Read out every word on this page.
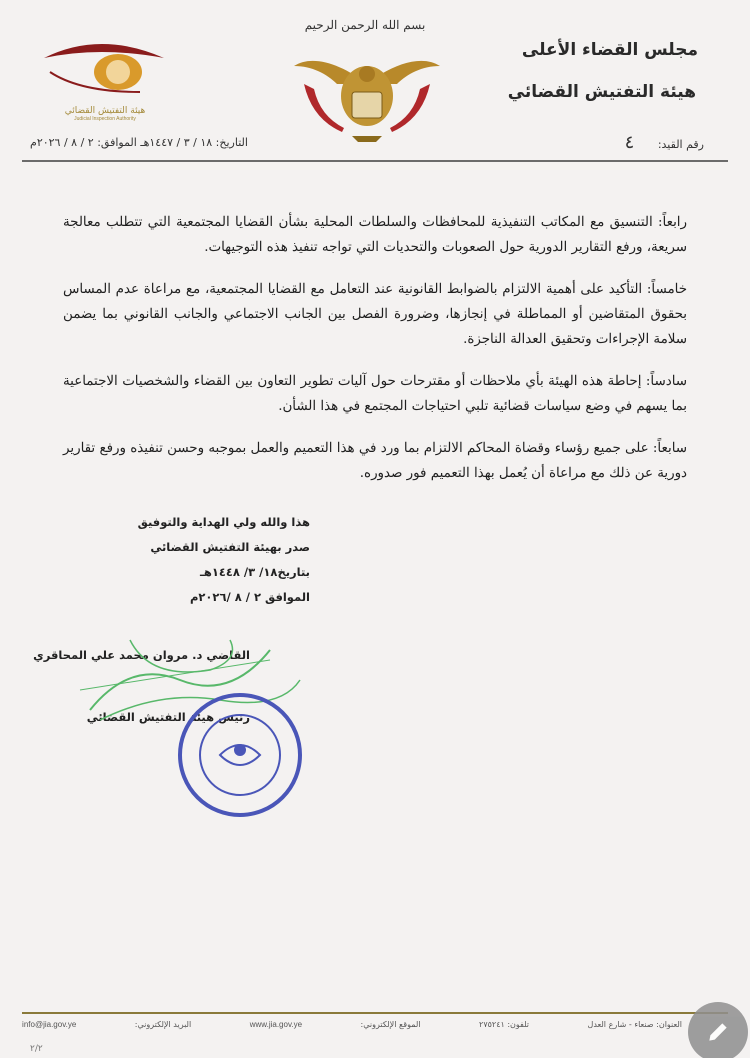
مجلس القضاء الأعلى
هيئة التفتيش القضائي
بسم الله الرحمن الرحيم
هيئة التفتيش القضائي
Judicial Inspection Authority
رقم القيد: ٤
التاريخ: ١٨ / ٣ / ١٤٤٧هـ الموافق: ٢ / ٨ / ٢٠٢٦م

رابعاً: التنسيق مع المكاتب التنفيذية للمحافظات والسلطات المحلية بشأن القضايا المجتمعية التي تتطلب معالجة سريعة، ورفع التقارير الدورية حول الصعوبات والتحديات التي تواجه تنفيذ هذه التوجيهات.

خامساً: التأكيد على أهمية الالتزام بالضوابط القانونية عند التعامل مع القضايا المجتمعية، مع مراعاة عدم المساس بحقوق المتقاضين أو المماطلة في إنجازها، وضرورة الفصل بين الجانب الاجتماعي والجانب القانوني بما يضمن سلامة الإجراءات وتحقيق العدالة الناجزة.

سادساً: إحاطة هذه الهيئة بأي ملاحظات أو مقترحات حول آليات تطوير التعاون بين القضاء والشخصيات الاجتماعية بما يسهم في وضع سياسات قضائية تلبي احتياجات المجتمع في هذا الشأن.

سابعاً: على جميع رؤساء وقضاة المحاكم الالتزام بما ورد في هذا التعميم والعمل بموجبه وحسن تنفيذه ورفع تقارير دورية عن ذلك مع مراعاة أن يُعمل بهذا التعميم فور صدوره.

هذا والله ولي الهداية والتوفيق
صدر بهيئة التفتيش القضائي
بتاريخ١٨/ ٣/ ١٤٤٨هـ
الموافق ٢ / ٨ /٢٠٢٦م
القاضي د. مروان محمد علي المحاقري
رئيس هيئة التفتيش القضائي
العنوان: صنعاء - شارع العدل
تلفون: ٢٧٥٢٤١
الموقع الإلكتروني:
www.jia.gov.ye
البريد الإلكتروني:
info@jia.gov.ye
٢/٢
